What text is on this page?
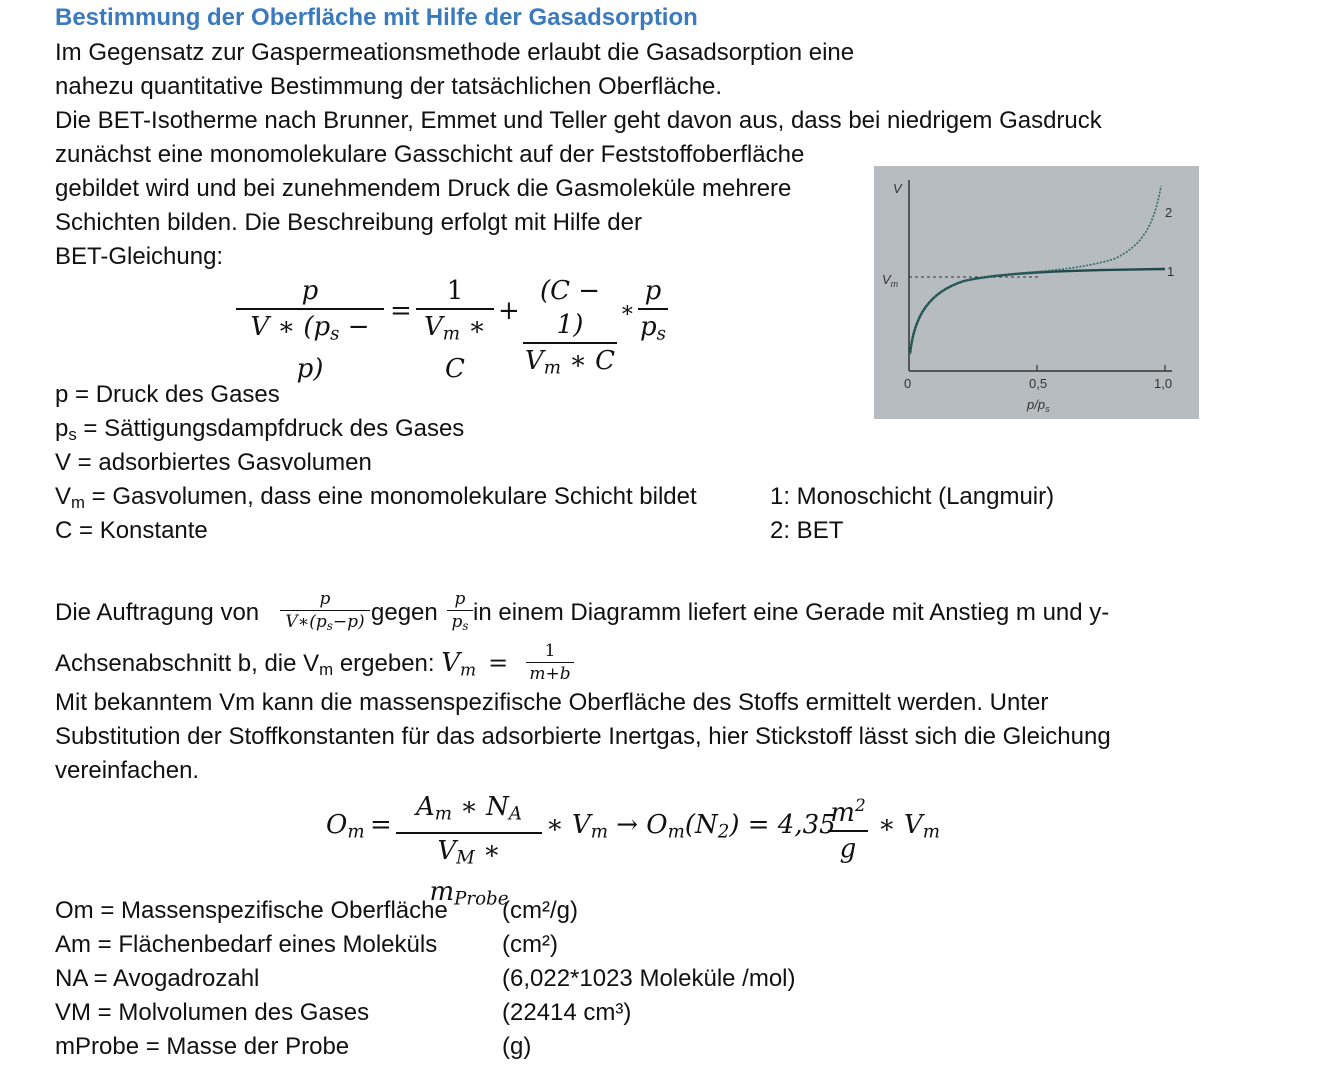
Bestimmung der Oberfläche mit Hilfe der Gasadsorption
Im Gegensatz zur Gaspermeationsmethode erlaubt die Gasadsorption eine
nahezu quantitative Bestimmung der tatsächlichen Oberfläche.
Die BET-Isotherme nach Brunner, Emmet und Teller geht davon aus, dass bei niedrigem Gasdruck
zunächst eine monomolekulare Gasschicht auf der Feststoffoberfläche
gebildet wird und bei zunehmendem Druck die Gasmoleküle mehrere
Schichten bilden. Die Beschreibung erfolgt mit Hilfe der
BET-Gleichung:
p
V ∗ $(p_s - p)$
=
1
$V_m$ ∗ C
+
(C − 1)
$V_m$ ∗ C
∗
p
$p_s$
V
$V_m$
0	0,5	1,0
$p/p_s$
1
2
p = Druck des Gases
$p_s$ = Sättigungsdampfdruck des Gases
V = adsorbiertes Gasvolumen
$V_m$ = Gasvolumen, dass eine monomolekulare Schicht bildet
C = Konstante
1: Monoschicht (Langmuir)
2: BET
Die Auftragung von	p
$V∗(p_s-p)$ gegen p
$p_s$ in einem Diagramm liefert eine Gerade mit Anstieg m und y-
Achsenabschnitt b, die $V_m$ ergeben: $V_m$ =	1
m+b
Mit bekanntem Vm kann die massenspezifische Oberfläche des Stoffs ermittelt werden. Unter
Substitution der Stoffkonstanten für das adsorbierte Inertgas, hier Stickstoff lässt sich die Gleichung
vereinfachen.
$O_m$ =
$A_m$ ∗ $N_A$
$V_M$ ∗ $m_{Probe}$
∗ $V_m \to O_m(N_2) = 4,35$
$m^2$
g
∗ $V_m$
Om = Massenspezifische Oberfläche (cm²/g)
Am = Flächenbedarf eines Moleküls	(cm²)
NA = Avogadrozahl	(6,022*1023 Moleküle /mol)
VM = Molvolumen des Gases	(22414 cm³)
mProbe = Masse der Probe	(g)
